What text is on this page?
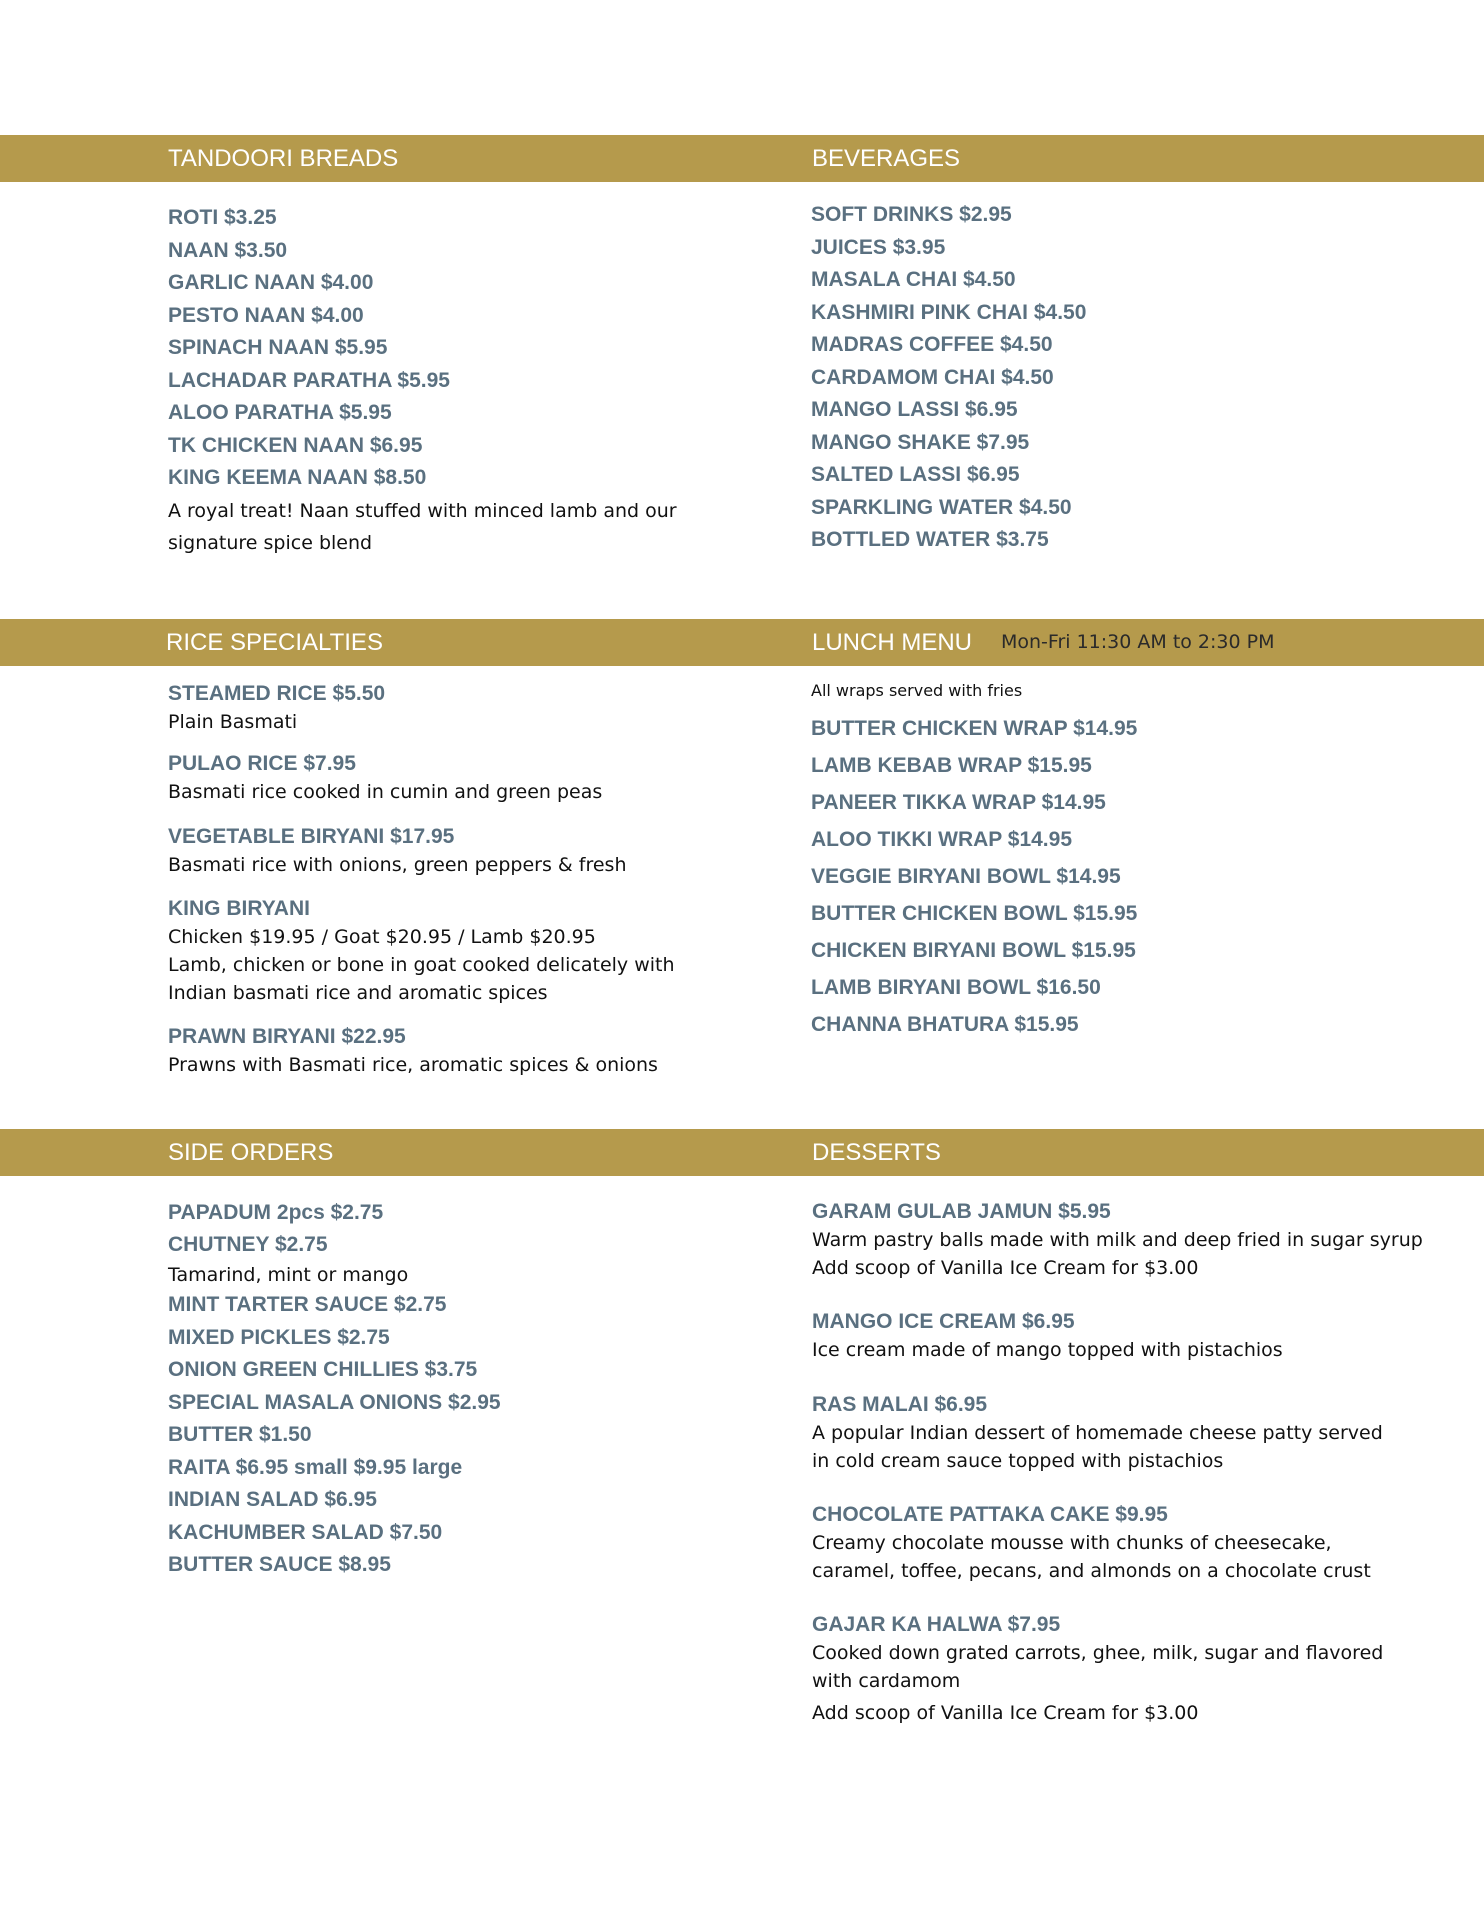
TANDOORI BREADS	BEVERAGES
RICE SPECIALTIES	LUNCH MENU Mon-Fri 11:30 AM to 2:30 PM
SIDE ORDERS	DESSERTS
ROTI $3.25
NAAN $3.50
GARLIC NAAN $4.00
PESTO NAAN $4.00
SPINACH NAAN $5.95
LACHADAR PARATHA $5.95
ALOO PARATHA $5.95
TK CHICKEN NAAN $6.95
KING KEEMA NAAN $8.50
A royal treat! Naan stuffed with minced lamb and our signature spice blend
SOFT DRINKS $2.95
JUICES $3.95
MASALA CHAI $4.50
KASHMIRI PINK CHAI $4.50
MADRAS COFFEE $4.50
CARDAMOM CHAI $4.50
MANGO LASSI $6.95
MANGO SHAKE $7.95
SALTED LASSI $6.95
SPARKLING WATER $4.50
BOTTLED WATER $3.75
STEAMED RICE $5.50
Plain Basmati
PULAO RICE $7.95
Basmati rice cooked in cumin and green peas
VEGETABLE BIRYANI $17.95
Basmati rice with onions, green peppers & fresh
KING BIRYANI
Chicken $19.95 / Goat $20.95 / Lamb $20.95
Lamb, chicken or bone in goat cooked delicately with Indian basmati rice and aromatic spices
PRAWN BIRYANI $22.95
Prawns with Basmati rice, aromatic spices & onions
All wraps served with fries
BUTTER CHICKEN WRAP $14.95
LAMB KEBAB WRAP $15.95
PANEER TIKKA WRAP $14.95
ALOO TIKKI WRAP $14.95
VEGGIE BIRYANI BOWL $14.95
BUTTER CHICKEN BOWL $15.95
CHICKEN BIRYANI BOWL $15.95
LAMB BIRYANI BOWL $16.50
CHANNA BHATURA $15.95
PAPADUM 2pcs $2.75
CHUTNEY $2.75
Tamarind, mint or mango
MINT TARTER SAUCE $2.75
MIXED PICKLES $2.75
ONION GREEN CHILLIES $3.75
SPECIAL MASALA ONIONS $2.95
BUTTER $1.50
RAITA $6.95 small $9.95 large
INDIAN SALAD $6.95
KACHUMBER SALAD $7.50
BUTTER SAUCE $8.95
GARAM GULAB JAMUN $5.95
Warm pastry balls made with milk and deep fried in sugar syrup
Add scoop of Vanilla Ice Cream for $3.00
MANGO ICE CREAM $6.95
Ice cream made of mango topped with pistachios
RAS MALAI $6.95
A popular Indian dessert of homemade cheese patty served in cold cream sauce topped with pistachios
CHOCOLATE PATTAKA CAKE $9.95
Creamy chocolate mousse with chunks of cheesecake, caramel, toffee, pecans, and almonds on a chocolate crust
GAJAR KA HALWA $7.95
Cooked down grated carrots, ghee, milk, sugar and flavored with cardamom
Add scoop of Vanilla Ice Cream for $3.00
